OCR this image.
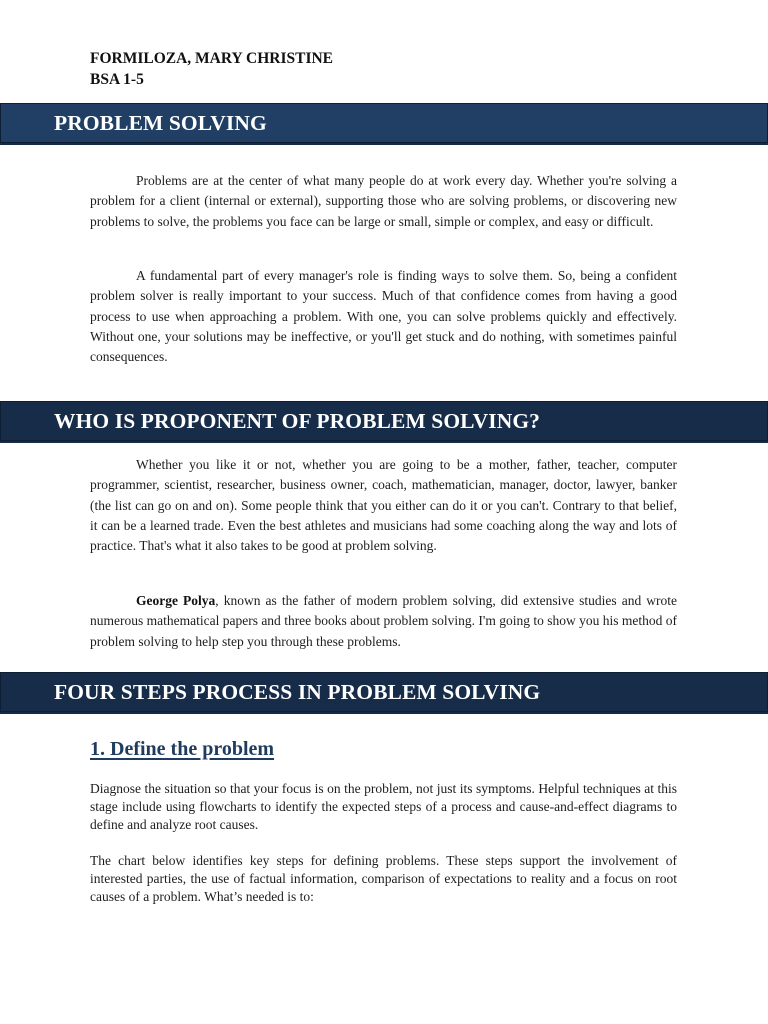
FORMILOZA, MARY CHRISTINE
BSA 1-5
PROBLEM SOLVING

Problems are at the center of what many people do at work every day. Whether you're solving a problem for a client (internal or external), supporting those who are solving problems, or discovering new problems to solve, the problems you face can be large or small, simple or complex, and easy or difficult.

A fundamental part of every manager's role is finding ways to solve them. So, being a confident problem solver is really important to your success. Much of that confidence comes from having a good process to use when approaching a problem. With one, you can solve problems quickly and effectively. Without one, your solutions may be ineffective, or you'll get stuck and do nothing, with sometimes painful consequences.

WHO IS PROPONENT OF PROBLEM SOLVING?

Whether you like it or not, whether you are going to be a mother, father, teacher, computer programmer, scientist, researcher, business owner, coach, mathematician, manager, doctor, lawyer, banker (the list can go on and on). Some people think that you either can do it or you can't. Contrary to that belief, it can be a learned trade. Even the best athletes and musicians had some coaching along the way and lots of practice. That's what it also takes to be good at problem solving.

George Polya, known as the father of modern problem solving, did extensive studies and wrote numerous mathematical papers and three books about problem solving. I'm going to show you his method of problem solving to help step you through these problems.

FOUR STEPS PROCESS IN PROBLEM SOLVING
1. Define the problem

Diagnose the situation so that your focus is on the problem, not just its symptoms. Helpful techniques at this stage include using flowcharts to identify the expected steps of a process and cause-and-effect diagrams to define and analyze root causes.

The chart below identifies key steps for defining problems. These steps support the involvement of interested parties, the use of factual information, comparison of expectations to reality and a focus on root causes of a problem. What’s needed is to:
